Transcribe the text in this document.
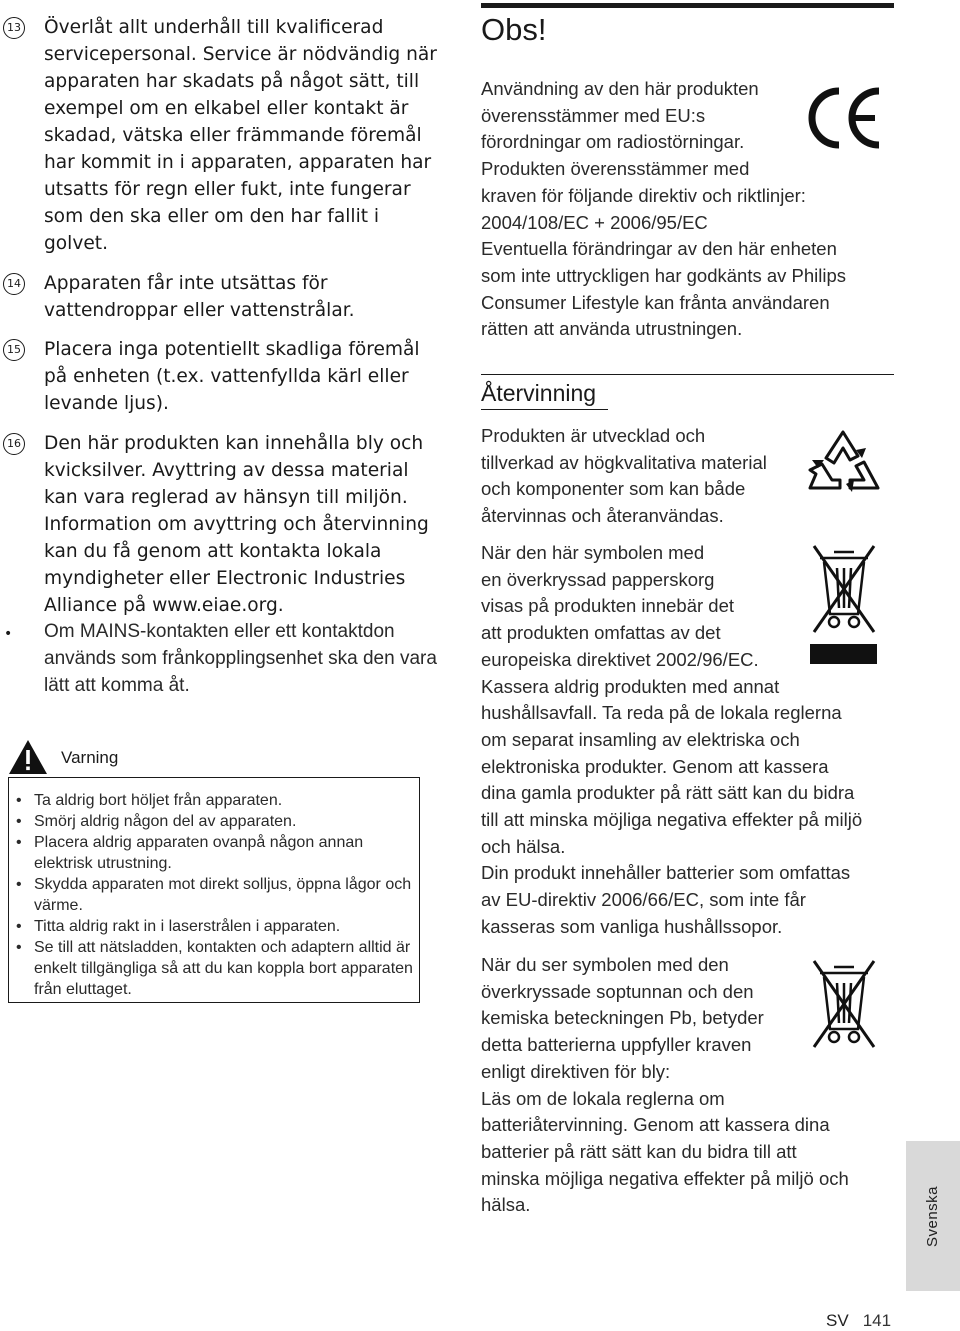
13 Överlåt allt underhåll till kvalificerad servicepersonal. Service är nödvändig när apparaten har skadats på något sätt, till exempel om en elkabel eller kontakt är skadad, vätska eller främmande föremål har kommit in i apparaten, apparaten har utsatts för regn eller fukt, inte fungerar som den ska eller om den har fallit i golvet.
14 Apparaten får inte utsättas för vattendroppar eller vattenstrålar.
15 Placera inga potentiellt skadliga föremål på enheten (t.ex. vattenfyllda kärl eller levande ljus).
16 Den här produkten kan innehålla bly och kvicksilver. Avyttring av dessa material kan vara reglerad av hänsyn till miljön. Information om avyttring och återvinning kan du få genom att kontakta lokala myndigheter eller Electronic Industries Alliance på www.eiae.org.
• Om MAINS-kontakten eller ett kontaktdon används som frånkopplingsenhet ska den vara lätt att komma åt.
Varning
• Ta aldrig bort höljet från apparaten.
• Smörj aldrig någon del av apparaten.
• Placera aldrig apparaten ovanpå någon annan elektrisk utrustning.
• Skydda apparaten mot direkt solljus, öppna lågor och värme.
• Titta aldrig rakt in i laserstrålen i apparaten.
• Se till att nätsladden, kontakten och adaptern alltid är enkelt tillgängliga så att du kan koppla bort apparaten från eluttaget.
Obs!
Användning av den här produkten
överensstämmer med EU:s
förordningar om radiostörningar.
Produkten överensstämmer med
kraven för följande direktiv och riktlinjer:
2004/108/EC + 2006/95/EC
Eventuella förändringar av den här enheten
som inte uttryckligen har godkänts av Philips
Consumer Lifestyle kan frånta användaren
rätten att använda utrustningen.
Återvinning
Produkten är utvecklad och
tillverkad av högkvalitativa material
och komponenter som kan både
återvinnas och återanvändas.
När den här symbolen med
en överkryssad papperskorg
visas på produkten innebär det
att produkten omfattas av det
europeiska direktivet 2002/96/EC.
Kassera aldrig produkten med annat
hushållsavfall. Ta reda på de lokala reglerna
om separat insamling av elektriska och
elektroniska produkter. Genom att kassera
dina gamla produkter på rätt sätt kan du bidra
till att minska möjliga negativa effekter på miljö
och hälsa.
Din produkt innehåller batterier som omfattas
av EU-direktiv 2006/66/EC, som inte får
kasseras som vanliga hushållssopor.
När du ser symbolen med den
överkryssade soptunnan och den
kemiska beteckningen Pb, betyder
detta batterierna uppfyller kraven
enligt direktiven för bly:
Läs om de lokala reglerna om
batteriåtervinning. Genom att kassera dina
batterier på rätt sätt kan du bidra till att
minska möjliga negativa effekter på miljö och
hälsa.	Svenska
SV 141
